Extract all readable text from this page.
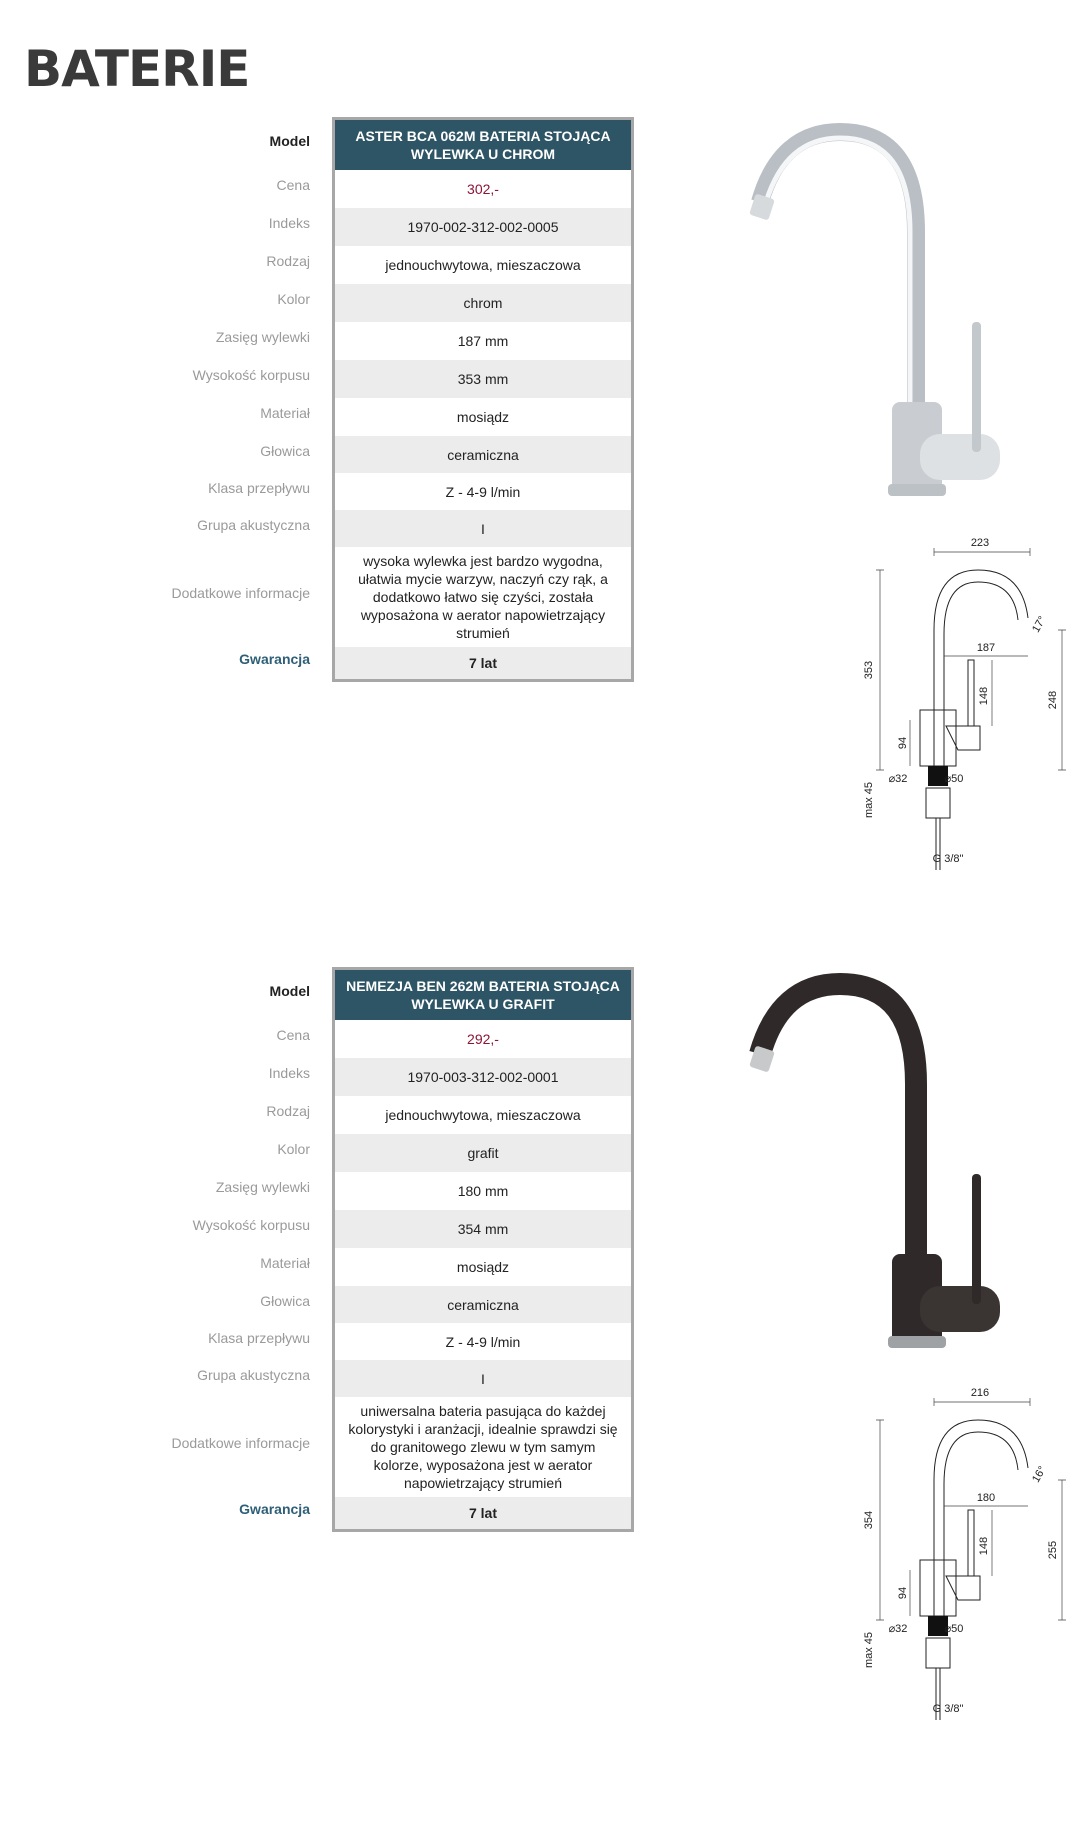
BATERIE
Model
Cena
Indeks
Rodzaj
Kolor
Zasięg wylewki
Wysokość korpusu
Materiał
Głowica
Klasa przepływu
Grupa akustyczna
Dodatkowe informacje
Gwarancja
ASTER BCA 062M BATERIA STOJĄCA WYLEWKA U CHROM
302,-
1970-002-312-002-0005
jednouchwytowa, mieszaczowa
chrom
187 mm
353 mm
mosiądz
ceramiczna
Z - 4-9 l/min
I
wysoka wylewka jest bardzo wygodna, ułatwia mycie warzyw, naczyń czy rąk, a dodatkowo łatwo się czyści, została wyposażona w aerator napowietrzający strumień
7 lat
223
353
248
187
148
94
17°
⌀32	⌀50
max 45
G 3/8"
Model
Cena
Indeks
Rodzaj
Kolor
Zasięg wylewki
Wysokość korpusu
Materiał
Głowica
Klasa przepływu
Grupa akustyczna
Dodatkowe informacje
Gwarancja
NEMEZJA BEN 262M BATERIA STOJĄCA WYLEWKA U GRAFIT
292,-
1970-003-312-002-0001
jednouchwytowa, mieszaczowa
grafit
180 mm
354 mm
mosiądz
ceramiczna
Z - 4-9 l/min
I
uniwersalna bateria pasująca do każdej kolorystyki i aranżacji, idealnie sprawdzi się do granitowego zlewu w tym samym kolorze, wyposażona jest w aerator napowietrzający strumień
7 lat
216
354
255
180
148
94
16°
⌀32	⌀50
max 45
G 3/8"
